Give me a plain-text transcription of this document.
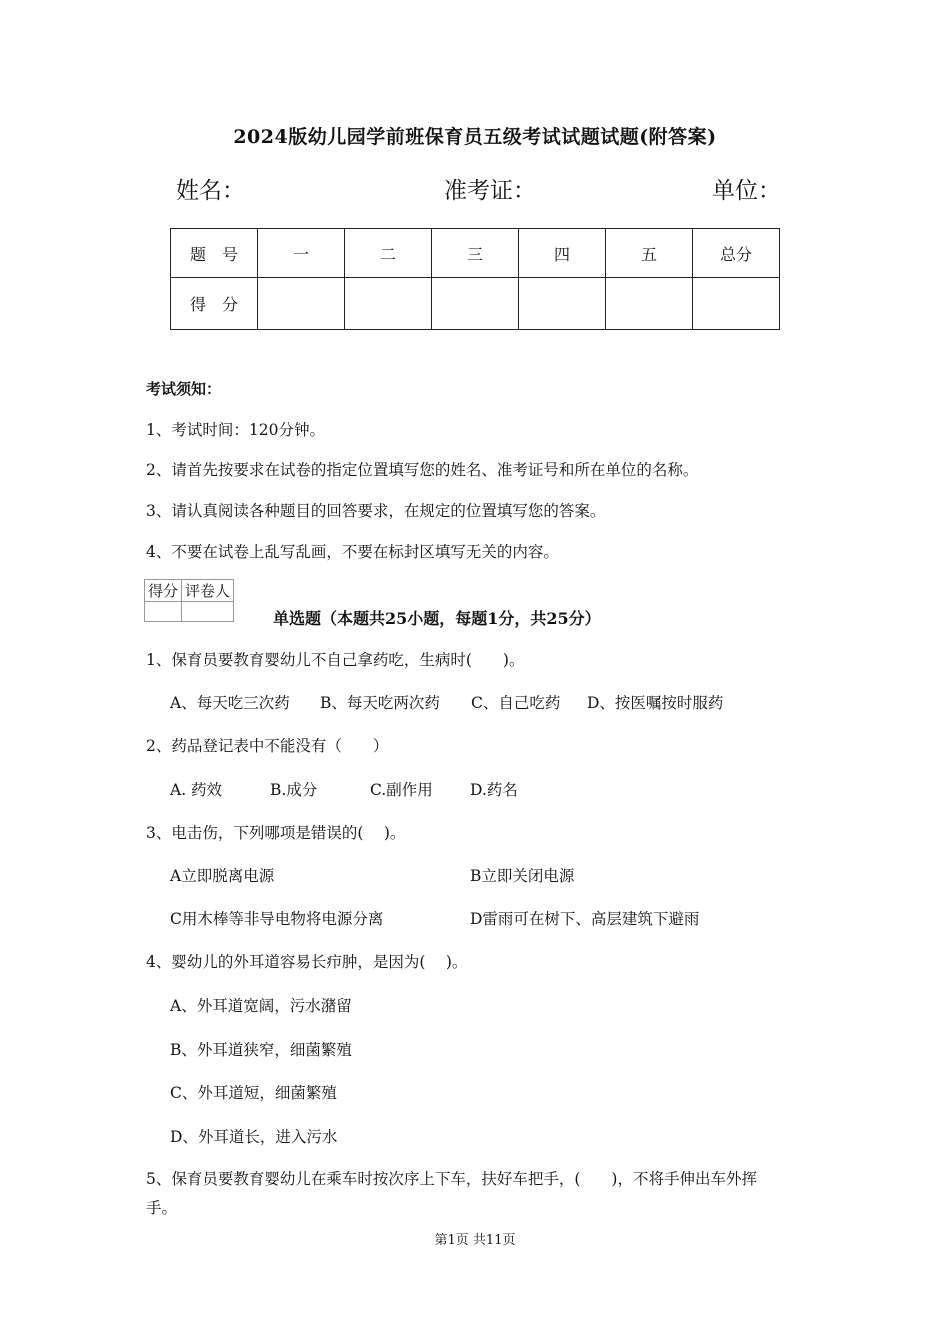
2024版幼儿园学前班保育员五级考试试题试题(附答案)
姓名：	准考证：	单位：
题　号	一	二	三	四	五	总分
得　分						
考试须知：
1、考试时间：120分钟。
2、请首先按要求在试卷的指定位置填写您的姓名、准考证号和所在单位的名称。
3、请认真阅读各种题目的回答要求，在规定的位置填写您的答案。
4、不要在试卷上乱写乱画，不要在标封区填写无关的内容。
得分	评卷人

单选题（本题共25小题，每题1分，共25分）
1、保育员要教育婴幼儿不自己拿药吃，生病时(　　)。
A、每天吃三次药 B、每天吃两次药 C、自己吃药 D、按医嘱按时服药
2、药品登记表中不能没有（　　）
A. 药效	B.成分	C.副作用 D.药名
3、电击伤，下列哪项是错误的(　 )。
A立即脱离电源	B立即关闭电源
C用木棒等非导电物将电源分离	D雷雨可在树下、高层建筑下避雨
4、婴幼儿的外耳道容易长疖肿，是因为(　 )。
A、外耳道宽阔，污水潴留
B、外耳道狭窄，细菌繁殖
C、外耳道短，细菌繁殖
D、外耳道长，进入污水
5、保育员要教育婴幼儿在乘车时按次序上下车，扶好车把手，(　　)，不将手伸出车外挥
手。
第1页 共11页
